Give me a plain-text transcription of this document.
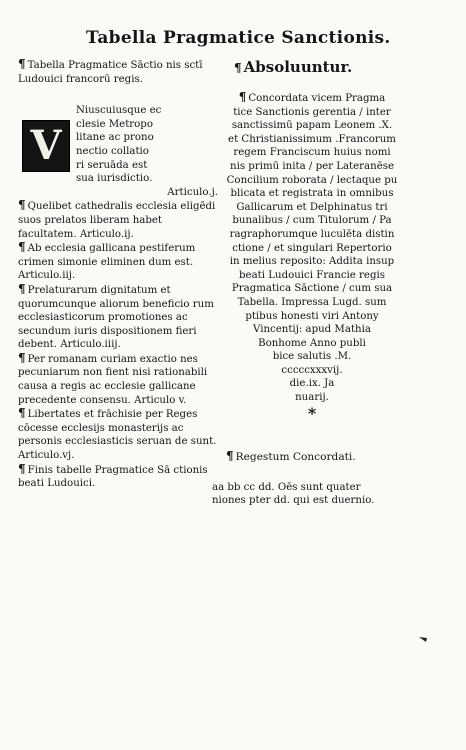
Tabella Pragmatice Sanctionis.

¶ Tabella Pragmatice Sāctio nis sctī Ludouici francorū regis.

V
Niuscuiusque ec
clesie Metropo
litane ac prono
nectio collatio
ri seruāda est
sua iurisdictio.
Articulo.j.

¶ Quelibet cathedralis ecclesia eligēdi suos prelatos liberam habet facultatem. Articulo.ij.

¶ Ab ecclesia gallicana pestiferum crimen simonie eliminen dum est. Articulo.iij.

¶ Prelaturarum dignitatum et quorumcunque aliorum beneficio rum ecclesiasticorum promotiones ac secundum iuris dispositionem fieri debent. Articulo.iiij.

¶ Per romanam curiam exactio nes pecuniarum non fient nisi rationabili causa a regis ac ecclesie gallicane precedente consensu. Articulo v.

¶ Libertates et frāchisie per Reges cōcesse ecclesijs monasterijs ac personis ecclesiasticis seruan de sunt. Articulo.vj.

¶ Finis tabelle Pragmatice Sā ctionis beati Ludouici.

¶ Absoluuntur.

¶ Concordata vicem Pragma

tice Sanctionis gerentia / inter

sanctissimū papam Leonem .X.

et Christianissimum .Francorum

regem Franciscum huius nomi

nis primū inita / per Lateranēse

Concilium roborata / lectaque pu

blicata et registrata in omnibus

Gallicarum et Delphinatus tri

bunalibus / cum Titulorum / Pa

ragraphorumque luculēta distin

ctione / et singulari Repertorio

in melius reposito: Addita insup

beati Ludouici Francie regis

Pragmatica Sāctione / cum sua

Tabella. Impressa Lugd. sum

ptibus honesti viri Antony

Vincentij: apud Mathia

Bonhome Anno publi

bice salutis .M.

cccccxxxvij.

die.ix. Ja

nuarij.

*

¶ Regestum Concordati.

aa bb cc dd. Oēs sunt quater

niones pter dd. qui est duernio.
